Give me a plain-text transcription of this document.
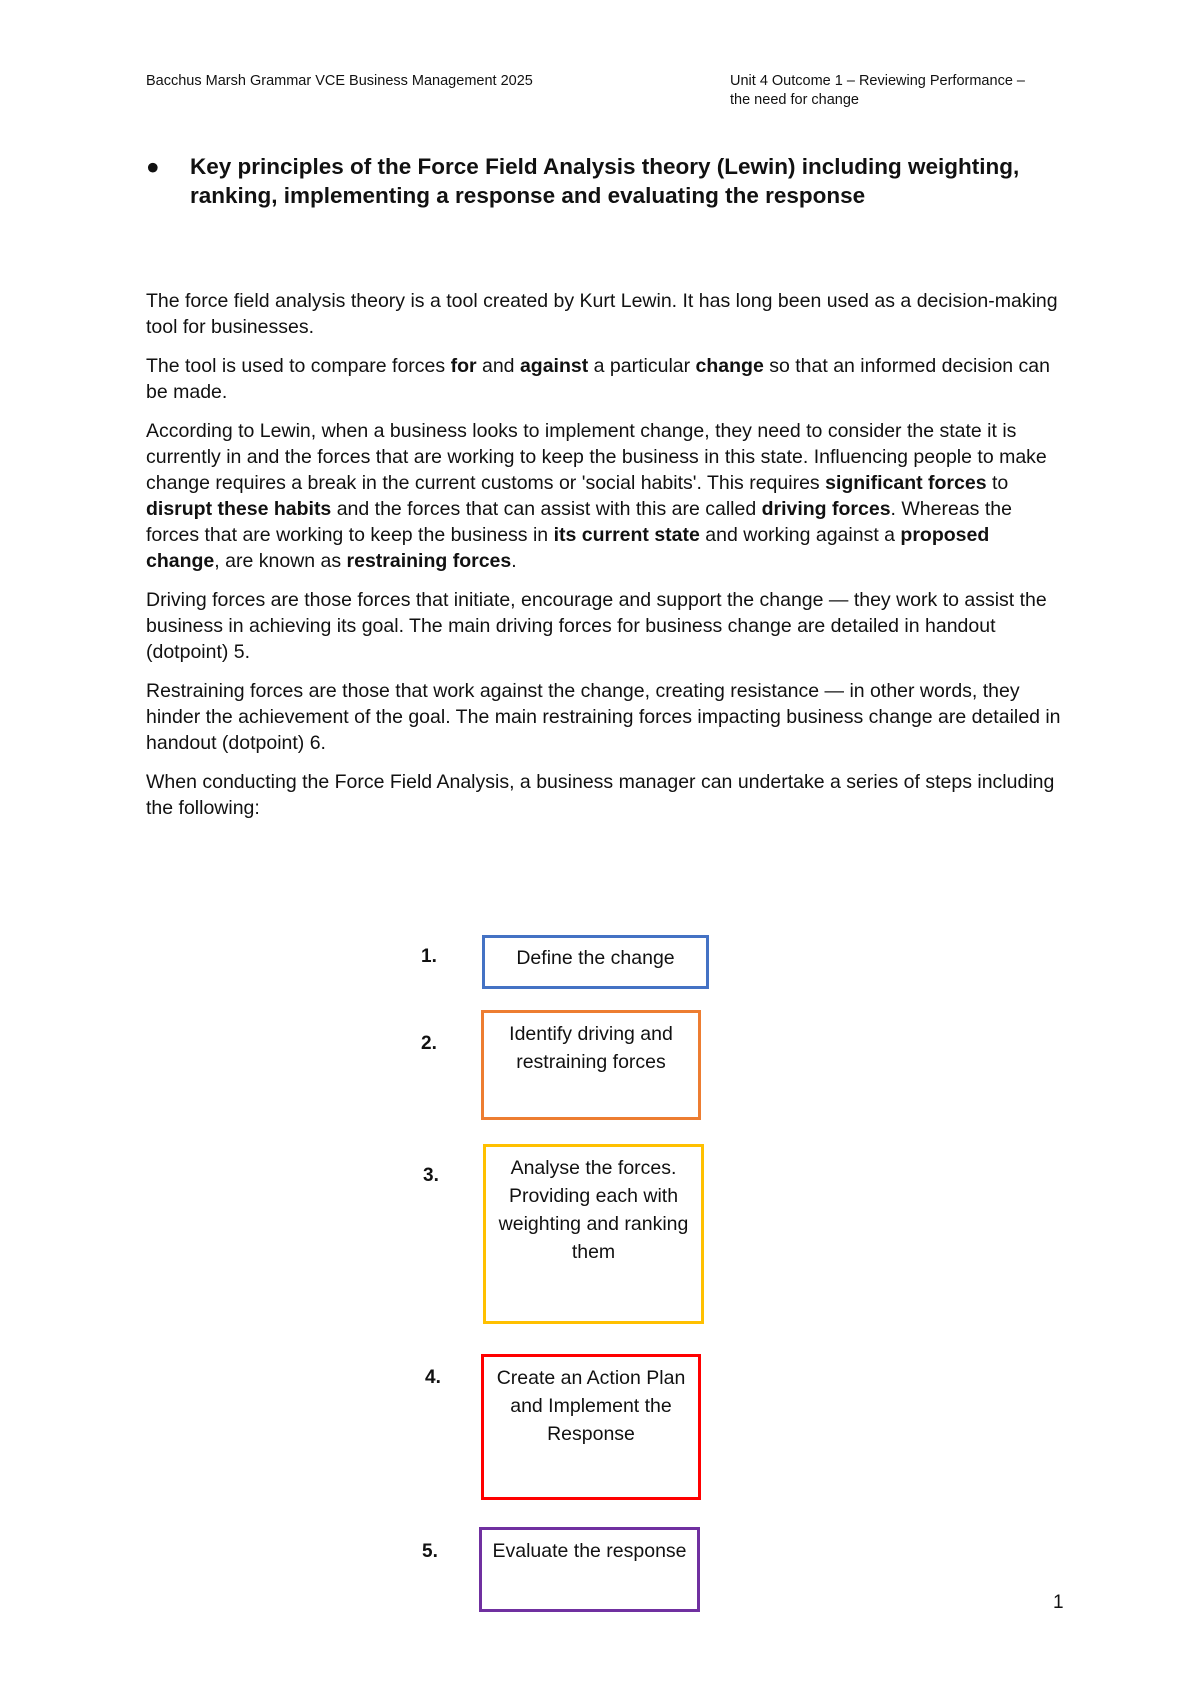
Bacchus Marsh Grammar VCE Business Management 2025	Unit 4 Outcome 1 – Reviewing Performance –
the need for change
●	Key principles of the Force Field Analysis theory (Lewin) including weighting, ranking, implementing a response and evaluating the response

The force field analysis theory is a tool created by Kurt Lewin. It has long been used as a decision-making tool for businesses.

The tool is used to compare forces for and against a particular change so that an informed decision can be made.

According to Lewin, when a business looks to implement change, they need to consider the state it is currently in and the forces that are working to keep the business in this state. Influencing people to make change requires a break in the current customs or 'social habits'. This requires significant forces to disrupt these habits and the forces that can assist with this are called driving forces. Whereas the forces that are working to keep the business in its current state and working against a proposed change, are known as restraining forces.

Driving forces are those forces that initiate, encourage and support the change — they work to assist the business in achieving its goal. The main driving forces for business change are detailed in handout (dotpoint) 5.

Restraining forces are those that work against the change, creating resistance — in other words, they hinder the achievement of the goal. The main restraining forces impacting business change are detailed in handout (dotpoint) 6.

When conducting the Force Field Analysis, a business manager can undertake a series of steps including the following:

1.	Define the change
2.	Identify driving and restraining forces
3.	Analyse the forces. Providing each with weighting and ranking them
4.	Create an Action Plan and Implement the Response
5.	Evaluate the response
1
